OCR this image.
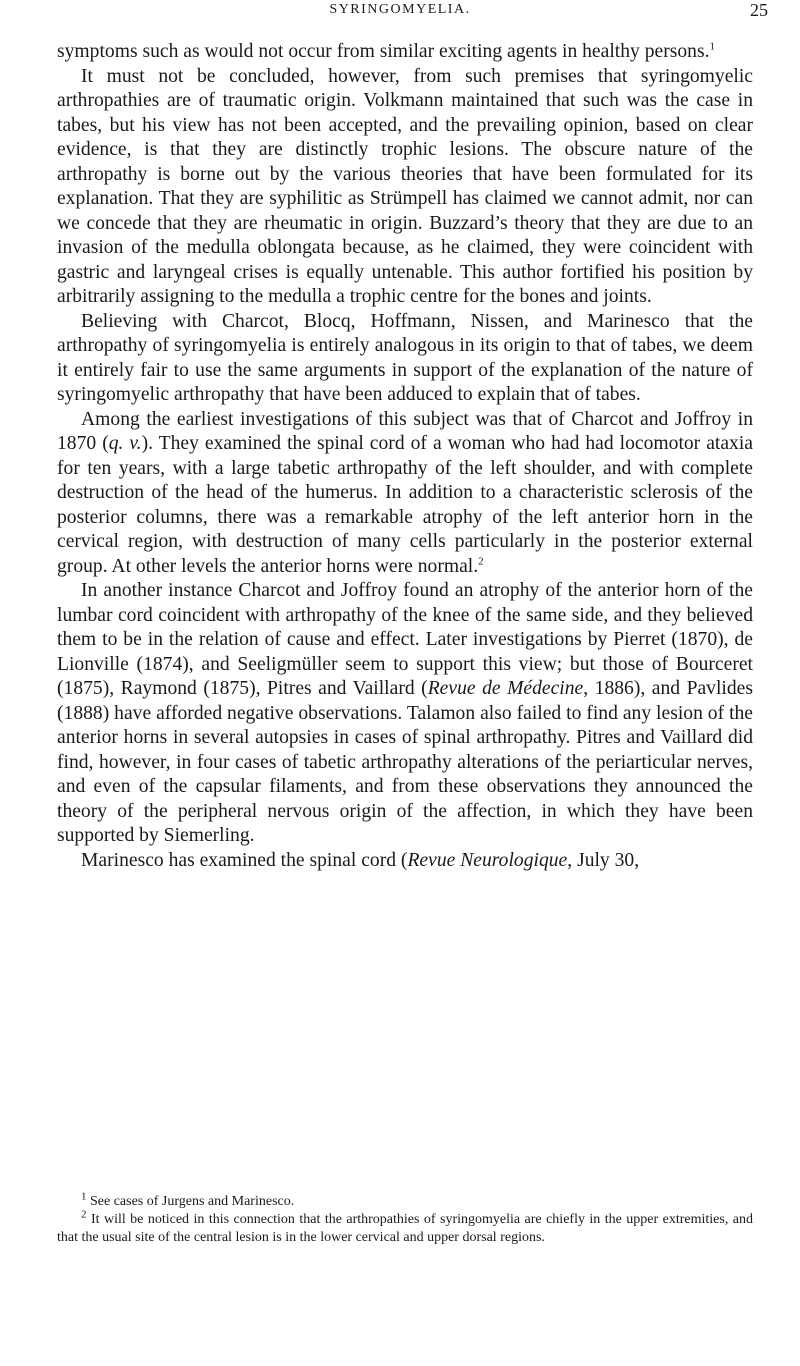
SYRINGOMYELIA.	25

symptoms such as would not occur from similar exciting agents in healthy persons.$^1$

It must not be concluded, however, from such premises that syringomyelic arthropathies are of traumatic origin. Volkmann maintained that such was the case in tabes, but his view has not been accepted, and the prevailing opinion, based on clear evidence, is that they are distinctly trophic lesions. The obscure nature of the arthropathy is borne out by the various theories that have been formulated for its explanation. That they are syphilitic as Strümpell has claimed we cannot admit, nor can we concede that they are rheumatic in origin. Buzzard’s theory that they are due to an invasion of the medulla oblongata because, as he claimed, they were coincident with gastric and laryngeal crises is equally untenable. This author fortified his position by arbitrarily assigning to the medulla a trophic centre for the bones and joints.

Believing with Charcot, Blocq, Hoffmann, Nissen, and Marinesco that the arthropathy of syringomyelia is entirely analogous in its origin to that of tabes, we deem it entirely fair to use the same arguments in support of the explanation of the nature of syringomyelic arthropathy that have been adduced to explain that of tabes.

Among the earliest investigations of this subject was that of Charcot and Joffroy in 1870 (q. v.). They examined the spinal cord of a woman who had had locomotor ataxia for ten years, with a large tabetic arthropathy of the left shoulder, and with complete destruction of the head of the humerus. In addition to a characteristic sclerosis of the posterior columns, there was a remarkable atrophy of the left anterior horn in the cervical region, with destruction of many cells particularly in the posterior external group. At other levels the anterior horns were normal.$^2$

In another instance Charcot and Joffroy found an atrophy of the anterior horn of the lumbar cord coincident with arthropathy of the knee of the same side, and they believed them to be in the relation of cause and effect. Later investigations by Pierret (1870), de Lionville (1874), and Seeligmüller seem to support this view; but those of Bourceret (1875), Raymond (1875), Pitres and Vaillard (Revue de Médecine, 1886), and Pavlides (1888) have afforded negative observations. Talamon also failed to find any lesion of the anterior horns in several autopsies in cases of spinal arthropathy. Pitres and Vaillard did find, however, in four cases of tabetic arthropathy alterations of the periarticular nerves, and even of the capsular filaments, and from these observations they announced the theory of the peripheral nervous origin of the affection, in which they have been supported by Siemerling.

Marinesco has examined the spinal cord (Revue Neurologique, July 30,

$^1$ See cases of Jurgens and Marinesco.

$^2$ It will be noticed in this connection that the arthropathies of syringomyelia are chiefly in the upper extremities, and that the usual site of the central lesion is in the lower cervical and upper dorsal regions.
